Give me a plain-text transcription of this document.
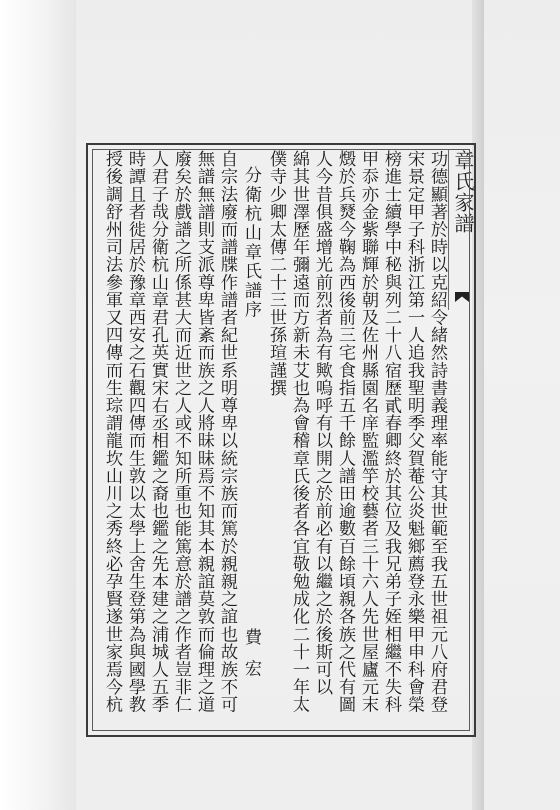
章氏家譜
功德顯著於時以克紹令緒然詩書義理率能守其世範至我五世祖元八府君登
宋景定甲子科浙江第一人追我聖明季父賀菴公炎魁鄉薦登永樂甲申科會榮
榜進士續學中秘與列二十八宿歷貳春卿終於其位及我兄弟子姪相繼不失科
甲忝亦金紫聯輝於朝及佐州縣園名庠監濫竽校藝者三十六人先世屋廬元末
燬於兵燹今鞠為西後前三宅食指五千餘人譜田逾數百餘頃親各族之代有圖
人今昔俱盛增光前烈者為有歟嗚呼有以開之於前必有以繼之於後斯可以
綿其世澤歷年彌遠而方新未艾也為會稽章氏後者各宜敬勉成化二十一年太
僕寺少卿太傳二十三世孫瑄謹撰
分衛杭山章氏譜序
自宗法廢而譜牒作譜者紀世系明尊卑以統宗族而篤於親親之誼也故族不可
無譜無譜則支派尊卑皆紊而族之人將昧昧焉不知其本親誼莫敦而倫理之道
廢矣於戲譜之所係甚大而近世之人或不知所重也能篤意於譜之作者豈非仁
人君子哉分衛杭山章君孔英實宋右丞相鑑之裔也鑑之先本建之浦城人五季
時譚且者徙居於豫章西安之石觀四傳而生敦以太學上舍生登第為與國學教
授後調舒州司法參軍又四傳而生琮謂龍坎山川之秀終必孕賢遂世家焉今杭	費宏
